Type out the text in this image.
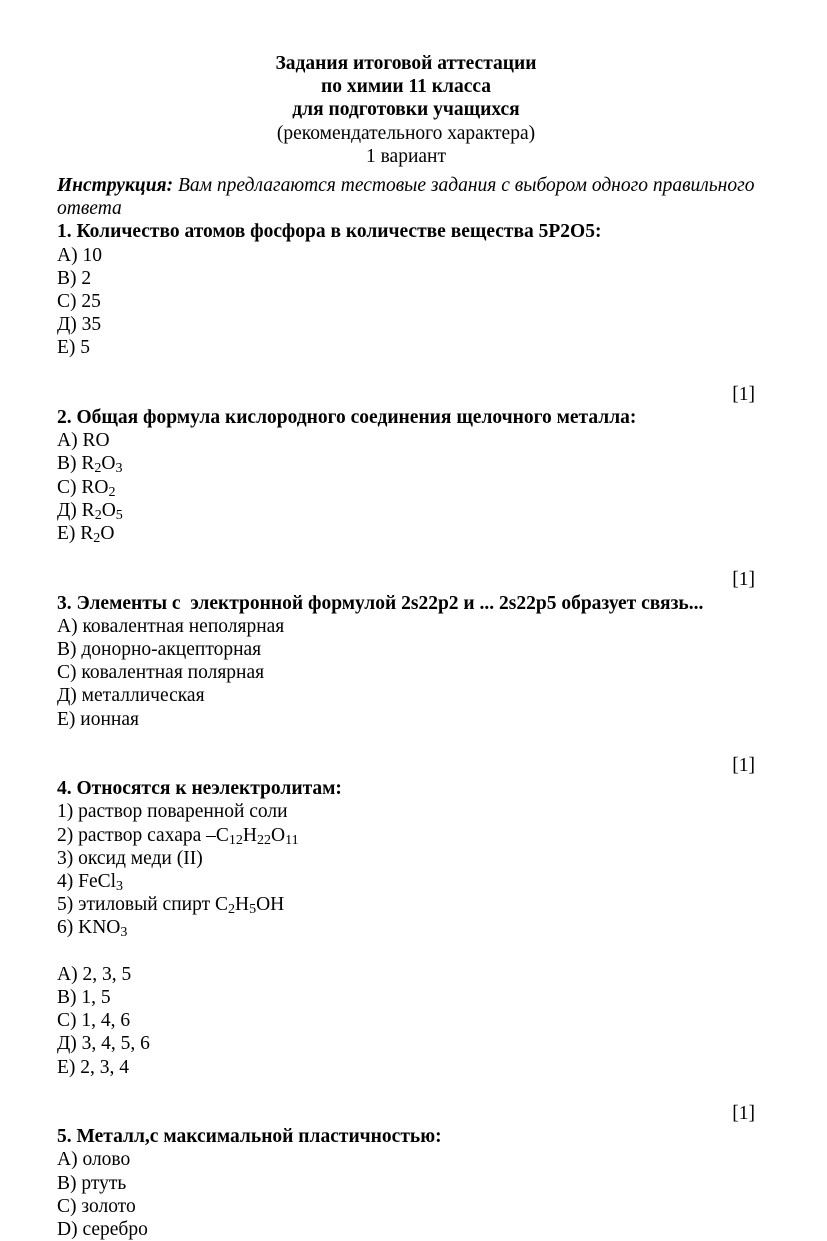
Задания итоговой аттестации
по химии 11 класса
для подготовки учащихся
(рекомендательного характера)
1 вариант
Инструкция: Вам предлагаются тестовые задания с выбором одного правильного ответа
1. Количество атомов фосфора в количестве вещества 5P2O5:
А) 10
B) 2
C) 25
Д) 35
E) 5
[1]
2. Общая формула кислородного соединения щелочного металла:
А) RO
B) $R_2O_3$
C) $RO_2$
Д) $R_2O_5$
E) $R_2O$
[1]
3. Элементы с  электронной формулой 2s22p2 и ... 2s22p5 образует связь...
А) ковалентная неполярная
B) донорно-акцепторная
C) ковалентная полярная
Д) металлическая
E) ионная
[1]
4. Относятся к неэлектролитам:
1) раствор поваренной соли
2) раствор сахара $-C_{12}H_{22}O_{11}$
3) оксид меди (II)
4) FeCl$_3$
5) этиловый спирт $C_2H_5OH$
6) $KNO_3$
А) 2, 3, 5
B) 1, 5
C) 1, 4, 6
Д) 3, 4, 5, 6
E) 2, 3, 4
[1]
5. Металл,с максимальной пластичностью:
А) олово
B) ртуть
C) золото
D) серебро
